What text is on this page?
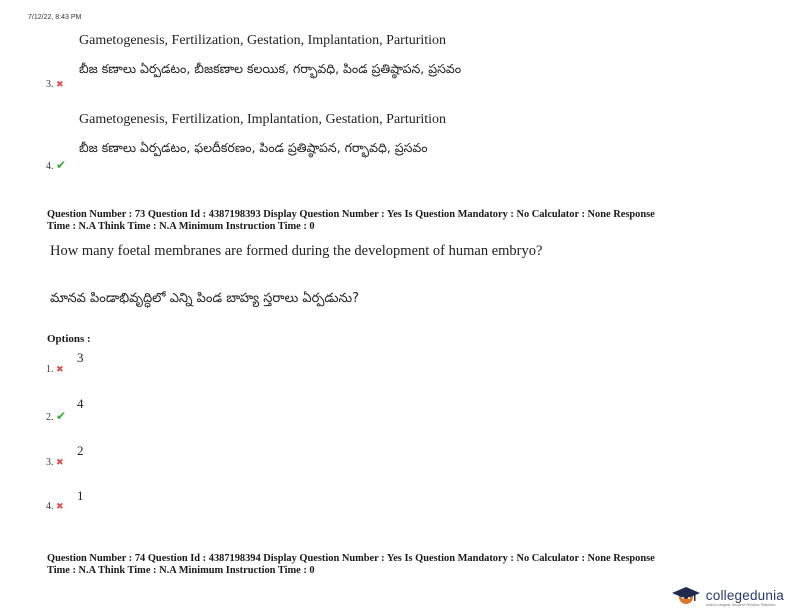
7/12/22, 8:43 PM
Gametogenesis, Fertilization, Gestation, Implantation, Parturition
బీజ కణాలు ఏర్పడటం, బీజకణాల కలయిక, గర్భావధి, పిండ ప్రతిష్ఠాపన, ప్రసవం
3. ✖
Gametogenesis, Fertilization, Implantation, Gestation, Parturition
బీజ కణాలు ఏర్పడటం, ఫలదీకరణం, పిండ ప్రతిష్ఠాపన, గర్భావధి, ప్రసవం
4. ✔
Question Number : 73 Question Id : 4387198393 Display Question Number : Yes Is Question Mandatory : No Calculator : None Response
Time : N.A Think Time : N.A Minimum Instruction Time : 0
How many foetal membranes are formed during the development of human embryo?
మానవ పిండాభివృద్ధిలో ఎన్ని పిండ బాహ్య స్తరాలు ఏర్పడును?
Options :
3
1. ✖
4
2. ✔
2
3. ✖
1
4. ✖
Question Number : 74 Question Id : 4387198394 Display Question Number : Yes Is Question Mandatory : No Calculator : None Response
Time : N.A Think Time : N.A Minimum Instruction Time : 0
collegedunia
India's largest Student Review Platform
